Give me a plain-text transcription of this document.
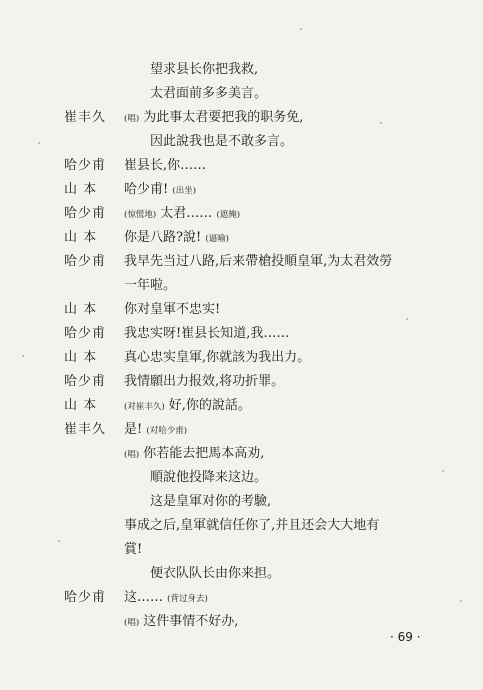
望求县长你把我救,
太君面前多多美言。
崔丰久 (唱) 为此事太君要把我的职务免,
因此說我也是不敢多言。
哈少甫 崔县长,你……
山 本 哈少甫! (出坐)
哈少甫 (惊慌地) 太君…… (遮掩)
山 本 你是八路?說! (逼喻)
哈少甫 我早先当过八路,后来帶槍投順皇軍,为太君效勞
一年啦。
山 本 你对皇軍不忠实!
哈少甫 我忠实呀!崔县长知道,我……
山 本 真心忠实皇軍,你就該为我出力。
哈少甫 我情願出力报效,将功折罪。
山 本	(对崔丰久) 好,你的說話。
崔丰久 是! (对哈少甫)
(唱) 你若能去把馬本高劝,
順說他投降来这边。
这是皇軍对你的考驗,
事成之后,皇軍就信任你了,并且还会大大地有
賞!
便衣队队长由你来担。
哈少甫 这…… (背过身去)
(唱) 这件事情不好办,
· 69 ·
